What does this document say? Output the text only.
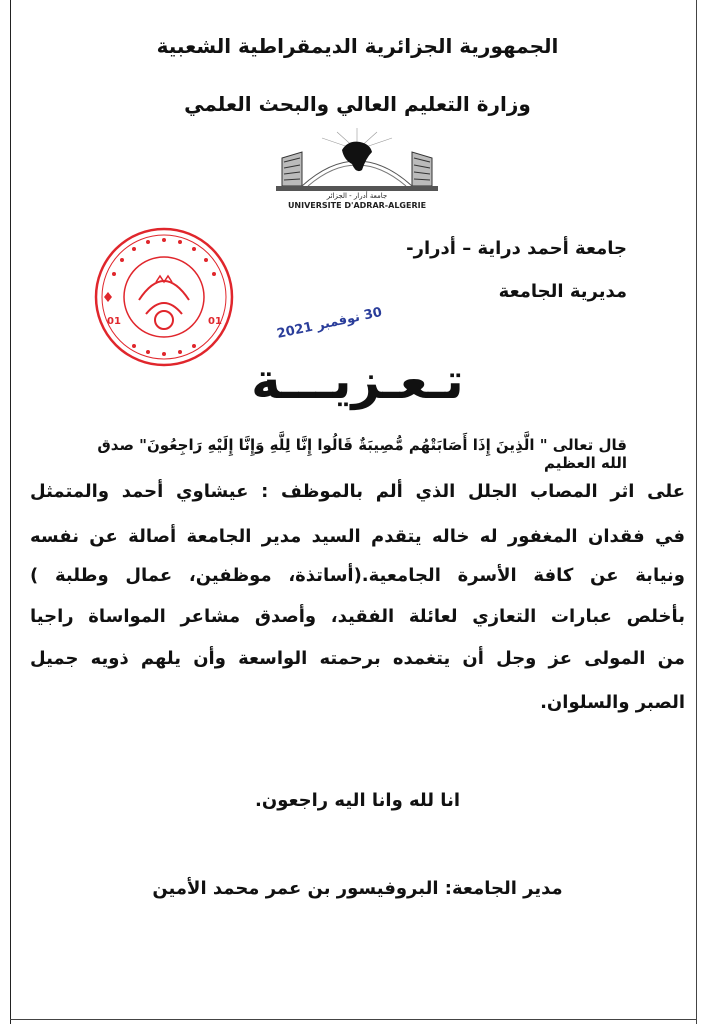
الجمهورية الجزائرية الديمقراطية الشعبية
وزارة التعليم العالي والبحث العلمي
جامعة أدرار - الجزائر
UNIVERSITE D'ADRAR-ALGERIE
جامعة أحمد دراية – أدرار-
مديرية الجامعة
01	01	30 نوفمبر 2021
تـعـزيـــة
قال تعالى " الَّذِينَ إِذَا أَصَابَتْهُم مُّصِيبَةٌ قَالُوا إِنَّا لِلَّهِ وَإِنَّا إِلَيْهِ رَاجِعُونَ" صدق الله العظيم
على اثر المصاب الجلل الذي ألم بالموظف : عيشاوي أحمد والمتمثل
في فقدان المغفور له خاله يتقدم السيد مدير الجامعة أصالة عن نفسه
ونيابة عن كافة الأسرة الجامعية.(أساتذة، موظفين، عمال وطلبة )
بأخلص عبارات التعازي لعائلة الفقيد، وأصدق مشاعر المواساة راجيا
من المولى عز وجل أن يتغمده برحمته الواسعة وأن يلهم ذويه جميل
الصبر والسلوان.
انا لله وانا اليه راجعون.
مدير الجامعة: البروفيسور بن عمر محمد الأمين
